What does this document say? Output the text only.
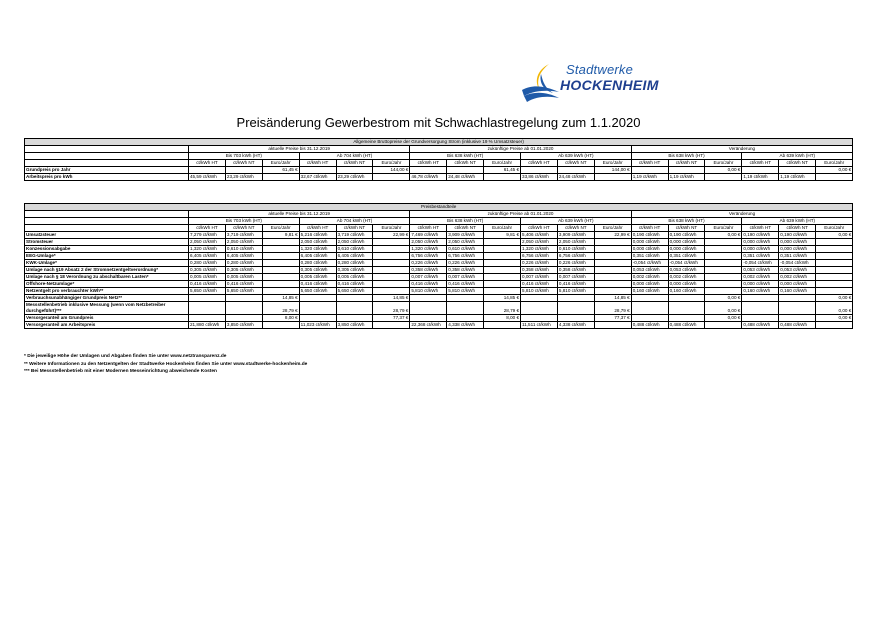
Stadtwerke
HOCKENHEIM
Preisänderung Gewerbestrom mit Schwachlastregelung zum 1.1.2020
Allgemeine Bruttopreise der Grundversorgung Strom (inklusive 19 % Umsatzsteuer)																		
	aktuelle Preise bis 31.12.2019						zukünftige Preise ab 01.01.2020						Veränderung					
	Bis 703 kWh (HT)			Ab 704 kWh (HT)			Bis 638 kWh (HT)			Ab 639 kWh (HT)			Bis 638 kWh (HT)			Ab 639 kWh (HT)		
	ct/kWh HT	ct/kWh NT	Euro/Jahr	ct/kWh HT	ct/kWh NT	Euro/Jahr	ct/kWh HT	ct/kWh NT	Euro/Jahr	ct/kWh HT	ct/kWh NT	Euro/Jahr	ct/kWh HT	ct/kWh NT	Euro/Jahr	ct/kWh HT	ct/kWh NT	Euro/Jahr
Grundpreis pro Jahr			61,45 €			144,00 €			61,45 €			144,00 €			0,00 €			0,00 €
Arbeitspreis pro kWh	45,59 ct/kWh	23,29 ct/kWh		32,67 ct/kWh	23,29 ct/kWh		46,78 ct/kWh	24,48 ct/kWh		33,86 ct/kWh	24,48 ct/kWh		1,19 ct/kWh	1,19 ct/kWh		1,19 ct/kWh	1,19 ct/kWh	
Preisbestandteile																		
	aktuelle Preise bis 31.12.2019						zukünftige Preise ab 01.01.2020						Veränderung					
	Bis 703 kWh (HT)			Ab 704 kWh (HT)			Bis 638 kWh (HT)			Ab 639 kWh (HT)			Bis 638 kWh (HT)			Ab 639 kWh (HT)		
	ct/kWh HT	ct/kWh NT	Euro/Jahr	ct/kWh HT	ct/kWh NT	Euro/Jahr	ct/kWh HT	ct/kWh NT	Euro/Jahr	ct/kWh HT	ct/kWh NT	Euro/Jahr	ct/kWh HT	ct/kWh NT	Euro/Jahr	ct/kWh HT	ct/kWh NT	Euro/Jahr
Umsatzsteuer	7,279 ct/kWh	3,719 ct/kWh	9,81 €	5,216 ct/kWh	3,719 ct/kWh	22,99 €	7,469 ct/kWh	3,909 ct/kWh	9,81 €	5,406 ct/kWh	3,909 ct/kWh	22,99 €	0,190 ct/kWh	0,190 ct/kWh	0,00 €	0,190 ct/kWh	0,190 ct/kWh	0,00 €
Stromsteuer	2,050 ct/kWh	2,050 ct/kWh		2,050 ct/kWh	2,050 ct/kWh		2,050 ct/kWh	2,050 ct/kWh		2,050 ct/kWh	2,050 ct/kWh		0,000 ct/kWh	0,000 ct/kWh		0,000 ct/kWh	0,000 ct/kWh	
Konzessionsabgabe	1,320 ct/kWh	0,610 ct/kWh		1,320 ct/kWh	0,610 ct/kWh		1,320 ct/kWh	0,610 ct/kWh		1,320 ct/kWh	0,610 ct/kWh		0,000 ct/kWh	0,000 ct/kWh		0,000 ct/kWh	0,000 ct/kWh	
EEG-Umlage*	6,405 ct/kWh	6,405 ct/kWh		6,405 ct/kWh	6,405 ct/kWh		6,756 ct/kWh	6,756 ct/kWh		6,756 ct/kWh	6,756 ct/kWh		0,351 ct/kWh	0,351 ct/kWh		0,351 ct/kWh	0,351 ct/kWh	
KWK-Umlage*	0,280 ct/kWh	0,280 ct/kWh		0,280 ct/kWh	0,280 ct/kWh		0,226 ct/kWh	0,226 ct/kWh		0,226 ct/kWh	0,226 ct/kWh		-0,054 ct/kWh	-0,054 ct/kWh		-0,054 ct/kWh	-0,054 ct/kWh	
Umlage nach §19 Absatz 2 der Stromnetzentgeltverordnung*	0,305 ct/kWh	0,305 ct/kWh		0,305 ct/kWh	0,305 ct/kWh		0,358 ct/kWh	0,358 ct/kWh		0,358 ct/kWh	0,358 ct/kWh		0,053 ct/kWh	0,053 ct/kWh		0,053 ct/kWh	0,053 ct/kWh	
Umlage nach § 18 Verordnung zu abschaltbaren Lasten*	0,005 ct/kWh	0,005 ct/kWh		0,005 ct/kWh	0,005 ct/kWh		0,007 ct/kWh	0,007 ct/kWh		0,007 ct/kWh	0,007 ct/kWh		0,002 ct/kWh	0,002 ct/kWh		0,002 ct/kWh	0,002 ct/kWh	
Offshore-Netzumlage*	0,416 ct/kWh	0,416 ct/kWh		0,416 ct/kWh	0,416 ct/kWh		0,416 ct/kWh	0,416 ct/kWh		0,416 ct/kWh	0,416 ct/kWh		0,000 ct/kWh	0,000 ct/kWh		0,000 ct/kWh	0,000 ct/kWh	
Netzentgelt pro verbrauchter kWh**	5,650 ct/kWh	5,650 ct/kWh		5,650 ct/kWh	5,650 ct/kWh		5,810 ct/kWh	5,810 ct/kWh		5,810 ct/kWh	5,810 ct/kWh		0,160 ct/kWh	0,160 ct/kWh		0,160 ct/kWh	0,160 ct/kWh	
Verbrauchsunabhängiger Grundpreis Netz**			14,85 €			14,85 €			14,85 €			14,85 €			0,00 €			0,00 €
Messstellenbetrieb inklusive Messung (wenn vom Netzbetreiber durchgeführt)***			28,79 €			28,79 €			28,79 €			28,79 €			0,00 €			0,00 €
Versorgeranteil am Grundpreis			8,00 €			77,37 €			8,00 €			77,37 €			0,00 €			0,00 €
Versorgeranteil am Arbeitspreis	21,880 ct/kWh	3,850 ct/kWh		11,023 ct/kWh	3,850 ct/kWh		22,368 ct/kWh	4,338 ct/kWh		11,511 ct/kWh	4,338 ct/kWh		0,488 ct/kWh	0,488 ct/kWh		0,488 ct/kWh	0,488 ct/kWh	
* Die jeweilige Höhe der Umlagen und Abgaben finden Sie unter www.netztransparenz.de
** Weitere Informationen zu den Netzentgelten der Stadtwerke Hockenheim finden Sie unter www.stadtwerke-hockenheim.de
*** Bei Messstellenbetrieb mit einer Modernen Messeinrichtung abweichende Kosten
